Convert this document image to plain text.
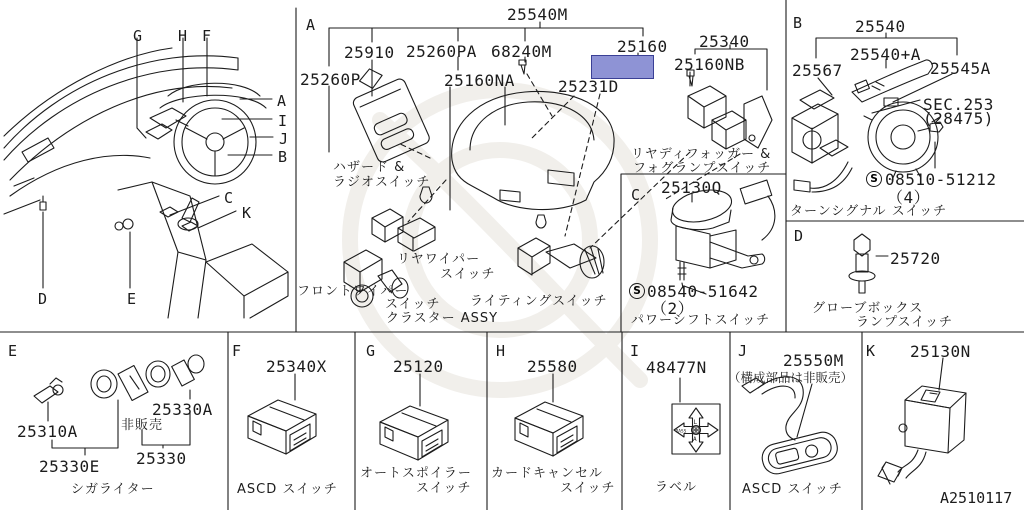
PASS
L
A
G H F
A
I
J
B
C
K
D	E
A
25540M
25910 25260PA 68240M	25160 25340
25260P	25160NA
25160NB
25231D
ハザード &
ラジオスイッチ
リヤディフォッガー &
フォグランプスイッチ
リヤワイパー
スイッチ
フロントワイパー
スイッチ ライティングスイッチ
クラスター ASSY
B	25540
25540+A
25567	25545A
SEC.253
(28475)
S 08510-51212
（4）
ターンシグナル スイッチ
C 25130Q
S 08540-51642
（2）
パワーシフトスイッチ
D
25720
グローブボックス
ランプスイッチ
E
25310A	非販売
25330A
25330E 25330
シガライター
F
25340X
ASCD スイッチ
G
25120
オートスポイラー
スイッチ
H
25580
カードキャンセル
スイッチ
I
48477N
ラベル
J 25550M
（構成部品は非販売）
ASCD スイッチ
K 25130N
A2510117
